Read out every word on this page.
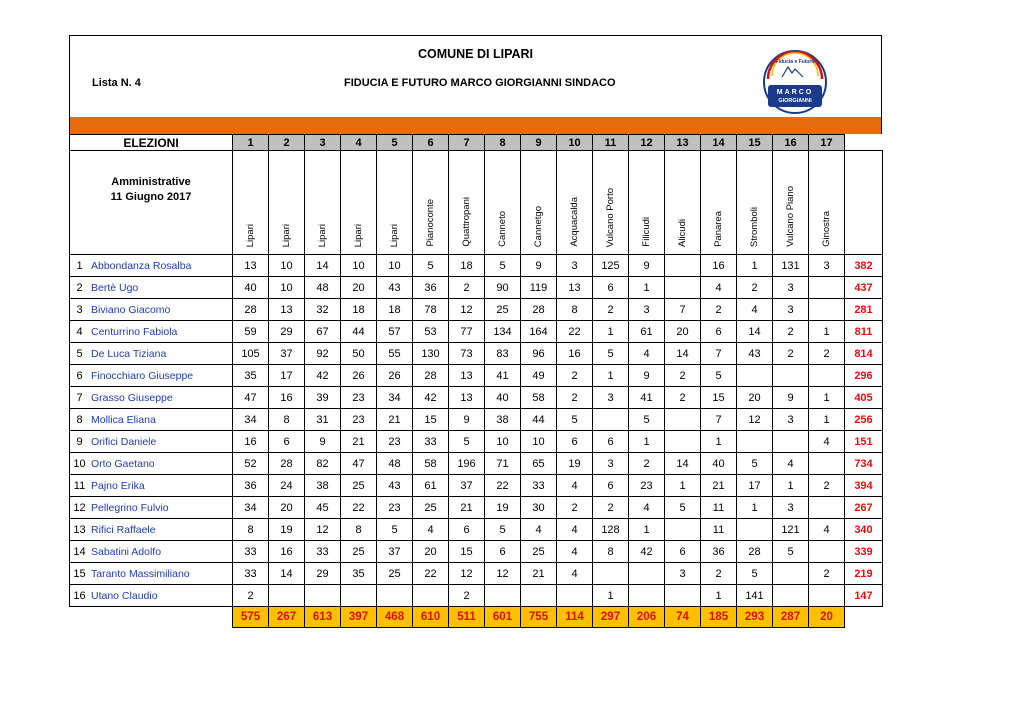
COMUNE DI LIPARI
Lista N. 4	FIDUCIA E FUTURO MARCO GIORGIANNI SINDACO
Fiducia e Futuro
MARCO
GIORGIANNI
ELEZIONI		1	2	3	4	5	6	7	8	9	10	11	12	13	14	15	16	17	
Amministrative
11 Giugno 2017		Lipari	Lipari	Lipari	Lipari	Lipari	Pianoconte	Quattropani	Canneto	Cannetgo	Acquacalda	Vulcano Porto	Filicudi	Alicudi	Panarea	Stromboli	Vulcano Piano	Ginostra	
1	Abbondanza Rosalba	13	10	14	10	10	5	18	5	9	3	125	9		16	1	131	3	382
2	Bertè Ugo	40	10	48	20	43	36	2	90	119	13	6	1		4	2	3		437
3	Biviano Giacomo	28	13	32	18	18	78	12	25	28	8	2	3	7	2	4	3		281
4	Centurrino Fabiola	59	29	67	44	57	53	77	134	164	22	1	61	20	6	14	2	1	811
5	De Luca Tiziana	105	37	92	50	55	130	73	83	96	16	5	4	14	7	43	2	2	814
6	Finocchiaro Giuseppe	35	17	42	26	26	28	13	41	49	2	1	9	2	5				296
7	Grasso Giuseppe	47	16	39	23	34	42	13	40	58	2	3	41	2	15	20	9	1	405
8	Mollica Eliana	34	8	31	23	21	15	9	38	44	5		5		7	12	3	1	256
9	Orifici Daniele	16	6	9	21	23	33	5	10	10	6	6	1		1			4	151
10	Orto Gaetano	52	28	82	47	48	58	196	71	65	19	3	2	14	40	5	4		734
11	Pajno Erika	36	24	38	25	43	61	37	22	33	4	6	23	1	21	17	1	2	394
12	Pellegrino Fulvio	34	20	45	22	23	25	21	19	30	2	2	4	5	11	1	3		267
13	Rifici Raffaele	8	19	12	8	5	4	6	5	4	4	128	1		11		121	4	340
14	Sabatini Adolfo	33	16	33	25	37	20	15	6	25	4	8	42	6	36	28	5		339
15	Taranto Massimiliano	33	14	29	35	25	22	12	12	21	4			3	2	5		2	219
16	Utano Claudio	2						2				1			1	141			147
		575	267	613	397	468	610	511	601	755	114	297	206	74	185	293	287	20	
